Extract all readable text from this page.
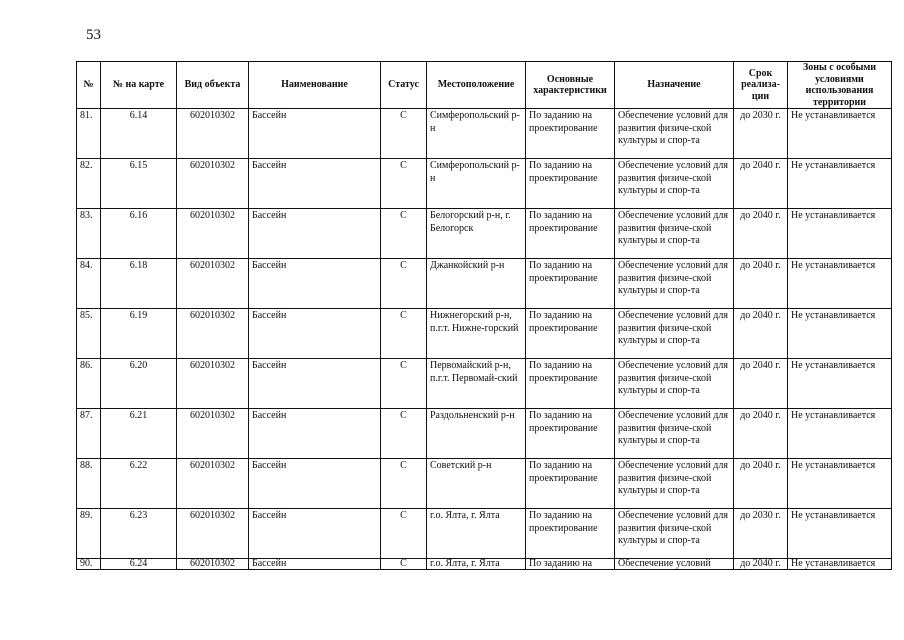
53
№	№ на карте	Вид объекта	Наименование	Статус	Местоположение	Основные характеристики	Назначение	Срок реализа-ции	Зоны с особыми условиями использования территории
81.	6.14	602010302	Бассейн	С	Симферопольский р-н	По заданию на проектирование	Обеспечение условий для развития физиче-ской культуры и спор-та	до 2030 г.	Не устанавливается
82.	6.15	602010302	Бассейн	С	Симферопольский р-н	По заданию на проектирование	Обеспечение условий для развития физиче-ской культуры и спор-та	до 2040 г.	Не устанавливается
83.	6.16	602010302	Бассейн	С	Белогорский р-н, г. Белогорск	По заданию на проектирование	Обеспечение условий для развития физиче-ской культуры и спор-та	до 2040 г.	Не устанавливается
84.	6.18	602010302	Бассейн	С	Джанкойский р-н	По заданию на проектирование	Обеспечение условий для развития физиче-ской культуры и спор-та	до 2040 г.	Не устанавливается
85.	6.19	602010302	Бассейн	С	Нижнегорский р-н, п.г.т. Нижне-горский	По заданию на проектирование	Обеспечение условий для развития физиче-ской культуры и спор-та	до 2040 г.	Не устанавливается
86.	6.20	602010302	Бассейн	С	Первомайский р-н, п.г.т. Первомай-ский	По заданию на проектирование	Обеспечение условий для развития физиче-ской культуры и спор-та	до 2040 г.	Не устанавливается
87.	6.21	602010302	Бассейн	С	Раздольненский р-н	По заданию на проектирование	Обеспечение условий для развития физиче-ской культуры и спор-та	до 2040 г.	Не устанавливается
88.	6.22	602010302	Бассейн	С	Советский р-н	По заданию на проектирование	Обеспечение условий для развития физиче-ской культуры и спор-та	до 2040 г.	Не устанавливается
89.	6.23	602010302	Бассейн	С	г.о. Ялта, г. Ялта	По заданию на проектирование	Обеспечение условий для развития физиче-ской культуры и спор-та	до 2030 г.	Не устанавливается
90.	6.24	602010302	Бассейн	С	г.о. Ялта, г. Ялта	По заданию на	Обеспечение условий	до 2040 г.	Не устанавливается
